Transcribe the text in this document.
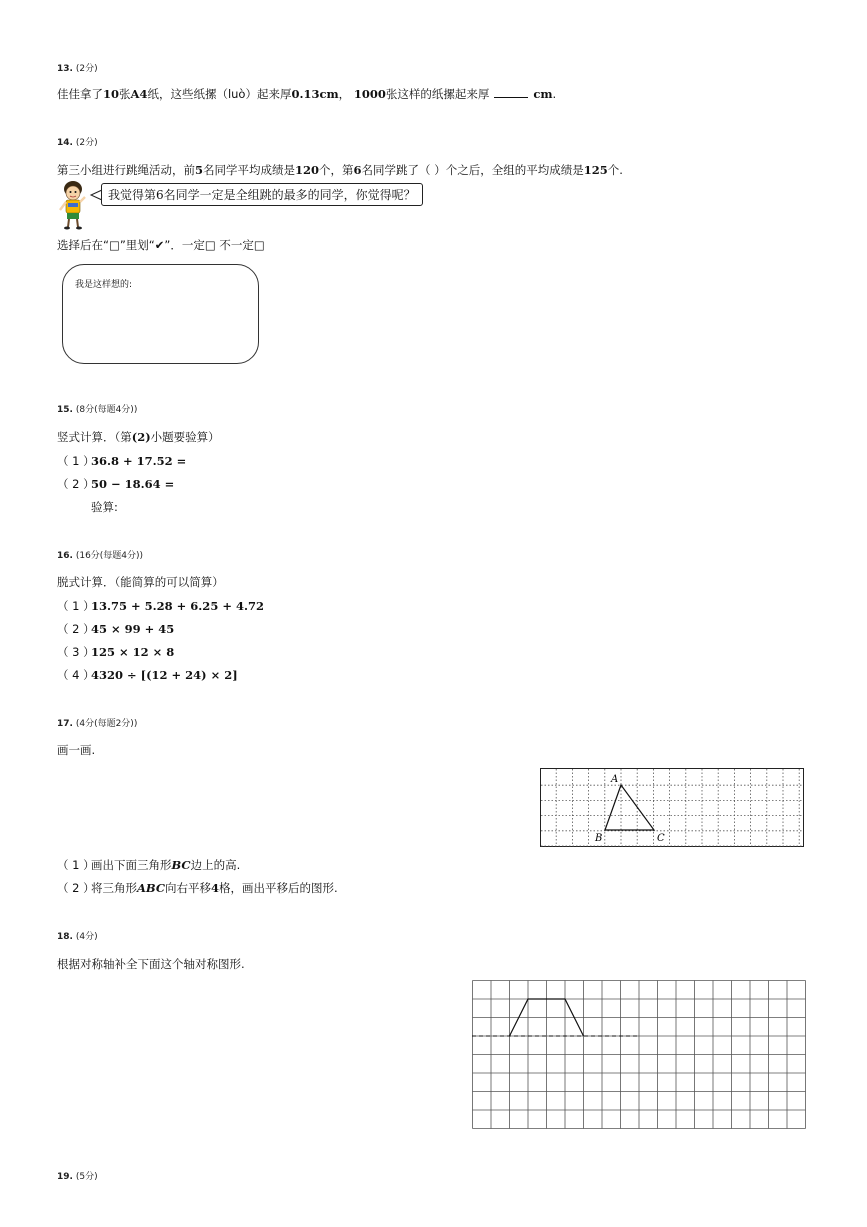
13. (2分)
佳佳拿了10张A4纸，这些纸摞（luò）起来厚0.13cm， 1000张这样的纸摞起来厚	cm.
14. (2分)
第三小组进行跳绳活动，前5名同学平均成绩是120个，第6名同学跳了（ ）个之后，全组的平均成绩是125个.
我觉得第6名同学一定是全组跳的最多的同学，你觉得呢？
选择后在“□”里划“✔”．一定□ 不一定□
我是这样想的:
15. (8分(每题4分))
竖式计算．（第(2)小题要验算）
（ 1 ）36.8 + 17.52 =
（ 2 ）50 − 18.64 =
验算:
16. (16分(每题4分))
脱式计算．（能简算的可以简算）
（ 1 ）13.75 + 5.28 + 6.25 + 4.72
（ 2 ）45 × 99 + 45
（ 3 ）125 × 12 × 8
（ 4 ）4320 ÷ [(12 + 24) × 2]
17. (4分(每题2分))
画一画.
A
B	C
（ 1 ）画出下面三角形BC边上的高.
（ 2 ）将三角形ABC向右平移4格，画出平移后的图形.
18. (4分)
根据对称轴补全下面这个轴对称图形.
19. (5分)
